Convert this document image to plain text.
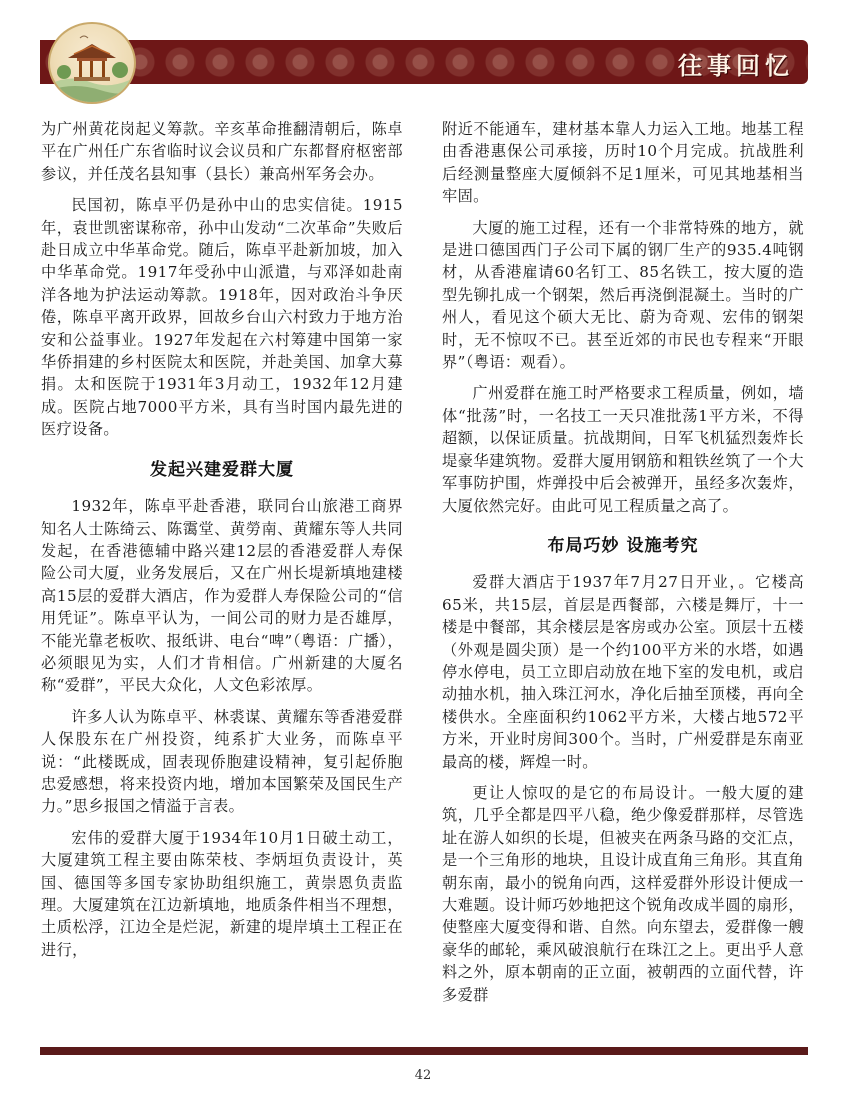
往事回忆

为广州黄花岗起义筹款。辛亥革命推翻清朝后，陈卓平在广州任广东省临时议会议员和广东都督府枢密部参议，并任茂名县知事（县长）兼高州军务会办。

民国初，陈卓平仍是孙中山的忠实信徒。1915年，袁世凯密谋称帝，孙中山发动“二次革命”失败后赴日成立中华革命党。随后，陈卓平赴新加坡，加入中华革命党。1917年受孙中山派遣，与邓泽如赴南洋各地为护法运动筹款。1918年，因对政治斗争厌倦，陈卓平离开政界，回故乡台山六村致力于地方治安和公益事业。1927年发起在六村筹建中国第一家华侨捐建的乡村医院太和医院，并赴美国、加拿大募捐。太和医院于1931年3月动工，1932年12月建成。医院占地7000平方米，具有当时国内最先进的医疗设备。

发起兴建爱群大厦

1932年，陈卓平赴香港，联同台山旅港工商界知名人士陈绮云、陈霭堂、黄勞南、黄耀东等人共同发起，在香港德辅中路兴建12层的香港爱群人寿保险公司大厦，业务发展后，又在广州长堤新填地建楼高15层的爱群大酒店，作为爱群人寿保险公司的“信用凭证”。陈卓平认为，一间公司的财力是否雄厚，不能光靠老板吹、报纸讲、电台“啤”（粤语：广播），必须眼见为实，人们才肯相信。广州新建的大厦名称“爱群”，平民大众化，人文色彩浓厚。

许多人认为陈卓平、林裘谋、黄耀东等香港爱群人保股东在广州投资，纯系扩大业务，而陈卓平说：“此楼既成，固表现侨胞建设精神，复引起侨胞忠爱感想，将来投资内地，增加本国繁荣及国民生产力。”思乡报国之情溢于言表。

宏伟的爱群大厦于1934年10月1日破土动工，大厦建筑工程主要由陈荣枝、李炳垣负责设计，英国、德国等多国专家协助组织施工，黄崇恩负责监理。大厦建筑在江边新填地，地质条件相当不理想，土质松浮，江边全是烂泥，新建的堤岸填土工程正在进行，

附近不能通车，建材基本靠人力运入工地。地基工程由香港惠保公司承接，历时10个月完成。抗战胜利后经测量整座大厦倾斜不足1厘米，可见其地基相当牢固。

大厦的施工过程，还有一个非常特殊的地方，就是进口德国西门子公司下属的钢厂生产的935.4吨钢材，从香港雇请60名钉工、85名铁工，按大厦的造型先铆扎成一个钢架，然后再浇倒混凝土。当时的广州人，看见这个硕大无比、蔚为奇观、宏伟的钢架时，无不惊叹不已。甚至近郊的市民也专程来“开眼界”（粤语：观看）。

广州爱群在施工时严格要求工程质量，例如，墙体“批荡”时，一名技工一天只准批荡1平方米，不得超额，以保证质量。抗战期间，日军飞机猛烈轰炸长堤豪华建筑物。爱群大厦用钢筋和粗铁丝筑了一个大军事防护围，炸弹投中后会被弹开，虽经多次轰炸，大厦依然完好。由此可见工程质量之高了。

布局巧妙 设施考究

爱群大酒店于1937年7月27日开业，。它楼高65米，共15层，首层是西餐部，六楼是舞厅，十一楼是中餐部，其余楼层是客房或办公室。顶层十五楼（外观是圆尖顶）是一个约100平方米的水塔，如遇停水停电，员工立即启动放在地下室的发电机，或启动抽水机，抽入珠江河水，净化后抽至顶楼，再向全楼供水。全座面积约1062平方米，大楼占地572平方米，开业时房间300个。当时，广州爱群是东南亚最高的楼，辉煌一时。

更让人惊叹的是它的布局设计。一般大厦的建筑，几乎全都是四平八稳，绝少像爱群那样，尽管选址在游人如织的长堤，但被夹在两条马路的交汇点，是一个三角形的地块，且设计成直角三角形。其直角朝东南，最小的锐角向西，这样爱群外形设计便成一大难题。设计师巧妙地把这个锐角改成半圆的扇形，使整座大厦变得和谐、自然。向东望去，爱群像一艘豪华的邮轮，乘风破浪航行在珠江之上。更出乎人意料之外，原本朝南的正立面，被朝西的立面代替，许多爱群

42
